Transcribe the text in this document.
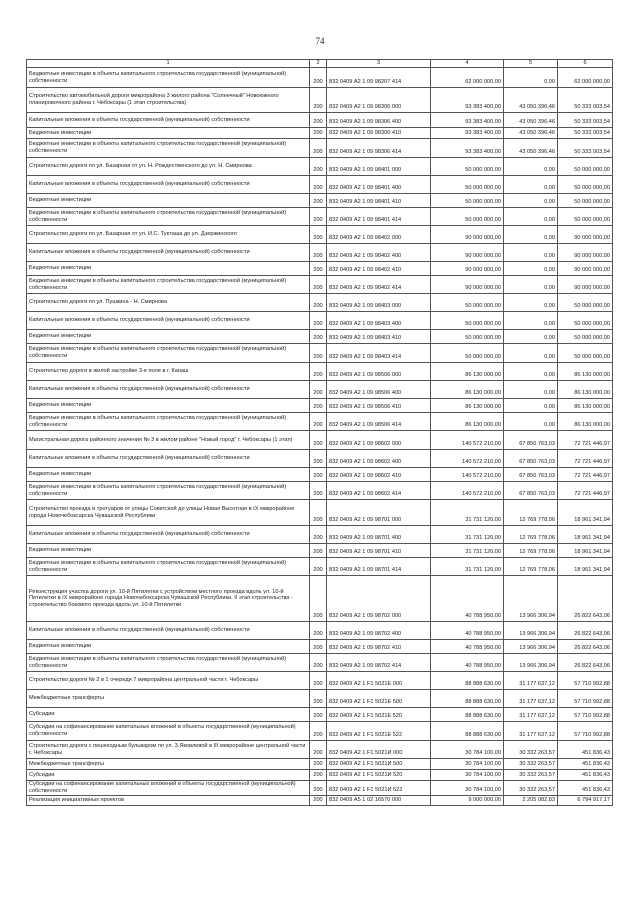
74
1	2	3	4	5	6
Бюджетные инвестиции в объекты капитального строительства государственной (муниципальной) собственности	200	832 0409 А2 1 09 98207 414	62 000 000,00	0,00	62 000 000,00
Строительство автомобильной дороги микрорайона 3 жилого района "Солнечный" Новоюжного планировочного района г. Чебоксары (1 этап строительства)	200	832 0409 А2 1 09 98306 000	93 383 400,00	43 050 396,46	50 333 003,54
Капитальные вложения в объекты государственной (муниципальной) собственности	200	832 0409 А2 1 09 98306 400	93 383 400,00	43 050 396,46	50 333 003,54
Бюджетные инвестиции	200	832 0409 А2 1 09 98306 410	93 383 400,00	43 050 396,46	50 333 003,54
Бюджетные инвестиции в объекты капитального строительства государственной (муниципальной) собственности	200	832 0409 А2 1 09 98306 414	93 383 400,00	43 050 396,46	50 333 003,54
Строительство дороги по ул. Базарная от ул. Н. Рождественского до ул. Н. Смирнова	200	832 0409 А2 1 09 98401 000	50 000 000,00	0,00	50 000 000,00
Капитальные вложения в объекты государственной (муниципальной) собственности	200	832 0409 А2 1 09 98401 400	50 000 000,00	0,00	50 000 000,00
Бюджетные инвестиции	200	832 0409 А2 1 09 98401 410	50 000 000,00	0,00	50 000 000,00
Бюджетные инвестиции в объекты капитального строительства государственной (муниципальной) собственности	200	832 0409 А2 1 09 98401 414	50 000 000,00	0,00	50 000 000,00
Строительство дороги по ул. Базарная от ул. И.С. Тукташа до ул. Дзержинского	200	832 0409 А2 1 09 98402 000	90 000 000,00	0,00	90 000 000,00
Капитальные вложения в объекты государственной (муниципальной) собственности	200	832 0409 А2 1 09 98402 400	90 000 000,00	0,00	90 000 000,00
Бюджетные инвестиции	200	832 0409 А2 1 09 98402 410	90 000 000,00	0,00	90 000 000,00
Бюджетные инвестиции в объекты капитального строительства государственной (муниципальной) собственности	200	832 0409 А2 1 09 98402 414	90 000 000,00	0,00	90 000 000,00
Строительство дороги по ул. Пушкина - Н. Смирнова	200	832 0409 А2 1 09 98403 000	50 000 000,00	0,00	50 000 000,00
Капитальные вложения в объекты государственной (муниципальной) собственности	200	832 0409 А2 1 09 98403 400	50 000 000,00	0,00	50 000 000,00
Бюджетные инвестиции	200	832 0409 А2 1 09 98403 410	50 000 000,00	0,00	50 000 000,00
Бюджетные инвестиции в объекты капитального строительства государственной (муниципальной) собственности	200	832 0409 А2 1 09 98403 414	50 000 000,00	0,00	50 000 000,00
Строительство дороги в жилой застройке 3-е поле в г. Канаш	200	832 0409 А2 1 09 98506 000	86 130 000,00	0,00	86 130 000,00
Капитальные вложения в объекты государственной (муниципальной) собственности	200	832 0409 А2 1 09 98506 400	86 130 000,00	0,00	86 130 000,00
Бюджетные инвестиции	200	832 0409 А2 1 09 98506 410	86 130 000,00	0,00	86 130 000,00
Бюджетные инвестиции в объекты капитального строительства государственной (муниципальной) собственности	200	832 0409 А2 1 09 98506 414	86 130 000,00	0,00	86 130 000,00
Магистральная дорога районного значения № 3 в жилом районе "Новый город" г. Чебоксары (1 этап)	200	832 0409 А2 1 09 98602 000	140 572 210,00	67 850 763,03	72 721 446,97
Капитальные вложения в объекты государственной (муниципальной) собственности	200	832 0409 А2 1 09 98602 400	140 572 210,00	67 850 763,03	72 721 446,97
Бюджетные инвестиции	200	832 0409 А2 1 09 98602 410	140 572 210,00	67 850 763,03	72 721 446,97
Бюджетные инвестиции в объекты капитального строительства государственной (муниципальной) собственности	200	832 0409 А2 1 09 98602 414	140 572 210,00	67 850 763,03	72 721 446,97
Строительство проезда и тротуаров от улицы Советской до улицы Новая Высотная в IX микрорайоне города Новочебоксарска Чувашской Республики	200	832 0409 А2 1 09 98701 000	31 731 120,00	12 769 778,06	18 961 341,94
Капитальные вложения в объекты государственной (муниципальной) собственности	200	832 0409 А2 1 09 98701 400	31 731 120,00	12 769 778,06	18 961 341,94
Бюджетные инвестиции	200	832 0409 А2 1 09 98701 410	31 731 120,00	12 769 778,06	18 961 341,94
Бюджетные инвестиции в объекты капитального строительства государственной (муниципальной) собственности	200	832 0409 А2 1 09 98701 414	31 731 120,00	12 769 778,06	18 961 341,94
Реконструкция участка дороги ул. 10-й Пятилетки с устройством местного проезда вдоль ул. 10-й Пятилетки в IX микрорайоне города Новочебоксарска Чувашской Республики. II этап строительства - строительство бокового проезда вдоль ул. 10-й Пятилетки	200	832 0409 А2 1 09 98702 000	40 788 950,00	13 966 306,94	26 822 643,06
Капитальные вложения в объекты государственной (муниципальной) собственности	200	832 0409 А2 1 09 98702 400	40 788 950,00	13 966 306,94	26 822 643,06
Бюджетные инвестиции	200	832 0409 А2 1 09 98702 410	40 788 950,00	13 966 306,94	26 822 643,06
Бюджетные инвестиции в объекты капитального строительства государственной (муниципальной) собственности	200	832 0409 А2 1 09 98702 414	40 788 950,00	13 966 306,94	26 822 643,06
Строительство дороги № 2 в 1 очереди 7 микрорайона центральной части г. Чебоксары	200	832 0409 А2 1 F1 5021E 000	88 888 630,00	31 177 637,12	57 710 992,88
Межбюджетные трансферты	200	832 0409 А2 1 F1 5021E 500	88 888 630,00	31 177 637,12	57 710 992,88
Субсидии	200	832 0409 А2 1 F1 5021E 520	88 888 630,00	31 177 637,12	57 710 992,88
Субсидии на софинансирование капитальных вложений в объекты государственной (муниципальной) собственности	200	832 0409 А2 1 F1 5021E 522	88 888 630,00	31 177 637,12	57 710 992,88
Строительство дороги с пешеходным бульваром по ул. З.Яковлевой в III микрорайоне центральной части г. Чебоксары	200	832 0409 А2 1 F1 5021И 000	30 784 100,00	30 332 263,57	451 836,43
Межбюджетные трансферты	200	832 0409 А2 1 F1 5021И 500	30 784 100,00	30 332 263,57	451 836,43
Субсидии	200	832 0409 А2 1 F1 5021И 520	30 784 100,00	30 332 263,57	451 836,43
Субсидии на софинансирование капитальных вложений в объекты государственной (муниципальной) собственности	200	832 0409 А2 1 F1 5021И 522	30 784 100,00	30 332 263,57	451 836,43
Реализация инициативных проектов	200	832 0409 А5 1 02 16570 000	9 000 000,00	2 205 082,83	6 794 917,17
